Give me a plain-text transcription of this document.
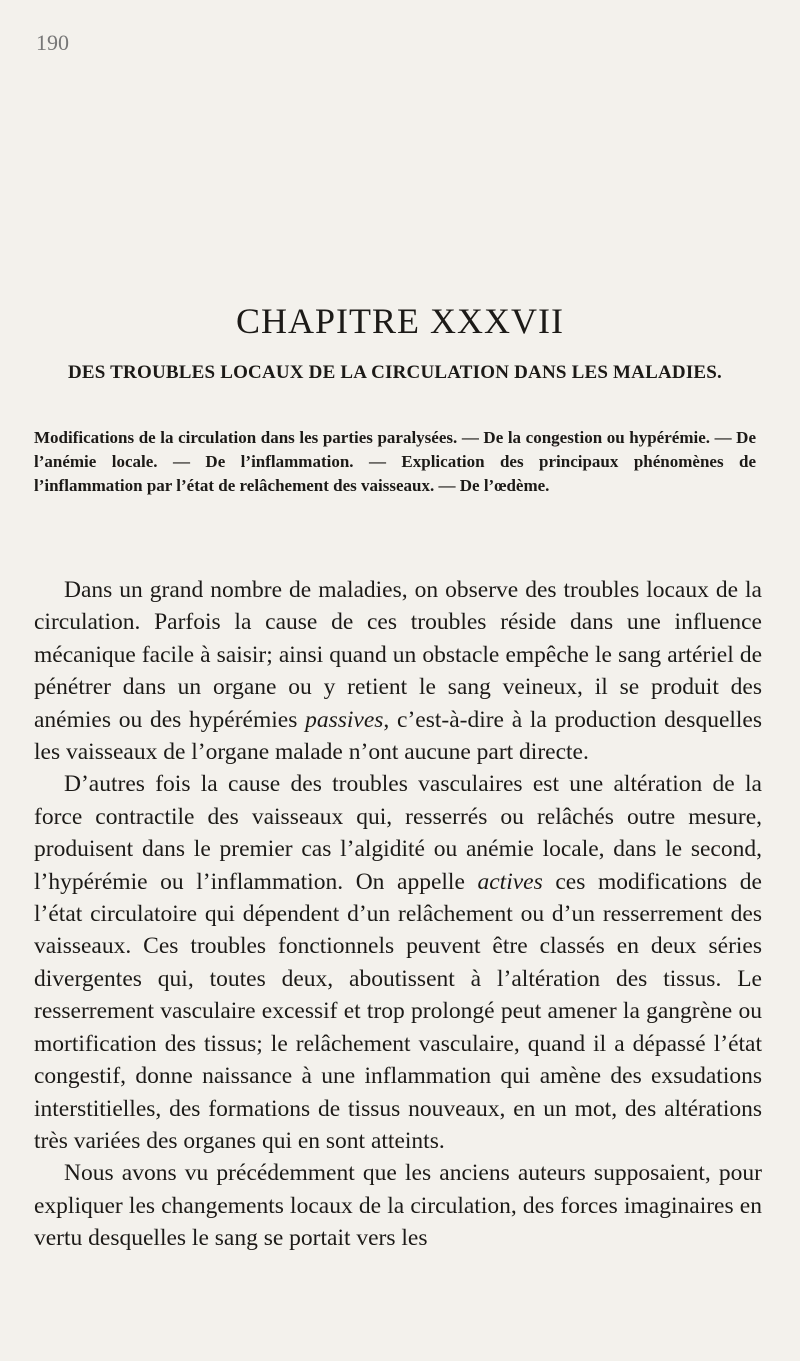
190
CHAPITRE XXXVII
DES TROUBLES LOCAUX DE LA CIRCULATION DANS LES MALADIES.
Modifications de la circulation dans les parties paralysées. — De la congestion ou hypérémie. — De l’anémie locale. — De l’inflammation. — Explication des principaux phénomènes de l’inflammation par l’état de relâchement des vaisseaux. — De l’œdème.

Dans un grand nombre de maladies, on observe des troubles locaux de la circulation. Parfois la cause de ces troubles réside dans une influence mécanique facile à saisir; ainsi quand un obstacle empêche le sang artériel de pénétrer dans un organe ou y retient le sang veineux, il se produit des anémies ou des hypérémies passives, c’est-à-dire à la production desquelles les vaisseaux de l’organe malade n’ont aucune part directe.

D’autres fois la cause des troubles vasculaires est une altération de la force contractile des vaisseaux qui, resserrés ou relâchés outre mesure, produisent dans le premier cas l’algidité ou anémie locale, dans le second, l’hypérémie ou l’inflammation. On appelle actives ces modifications de l’état circulatoire qui dépendent d’un relâchement ou d’un resserrement des vaisseaux. Ces troubles fonctionnels peuvent être classés en deux séries divergentes qui, toutes deux, aboutissent à l’altération des tissus. Le resserrement vasculaire excessif et trop prolongé peut amener la gangrène ou mortification des tissus; le relâchement vasculaire, quand il a dépassé l’état congestif, donne naissance à une inflammation qui amène des exsudations interstitielles, des formations de tissus nouveaux, en un mot, des altérations très variées des organes qui en sont atteints.

Nous avons vu précédemment que les anciens auteurs supposaient, pour expliquer les changements locaux de la circulation, des forces imaginaires en vertu desquelles le sang se portait vers les
